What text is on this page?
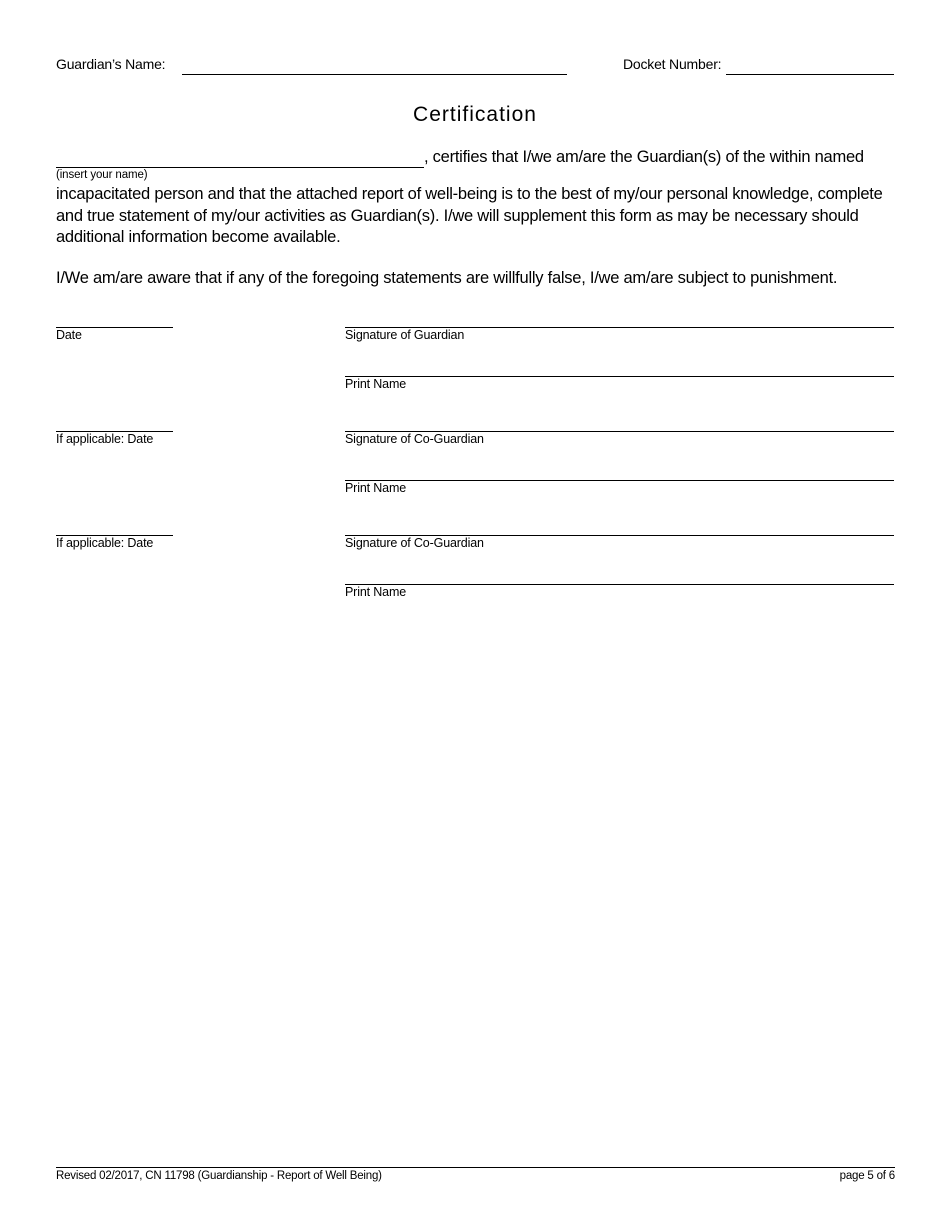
Guardian’s Name:	Docket Number:
Certification
, certifies that I/we am/are the Guardian(s) of the within named
(insert your name)
incapacitated person and that the attached report of well-being is to the best of my/our personal knowledge, complete and true statement of my/our activities as Guardian(s). I/we will supplement this form as may be necessary should additional information become available.
I/We am/are aware that if any of the foregoing statements are willfully false, I/we am/are subject to punishment.
Date	Signature of Guardian
Print Name
If applicable: Date	Signature of Co-Guardian
Print Name
If applicable: Date	Signature of Co-Guardian
Print Name
Revised 02/2017, CN 11798 (Guardianship - Report of Well Being)	page 5 of 6
